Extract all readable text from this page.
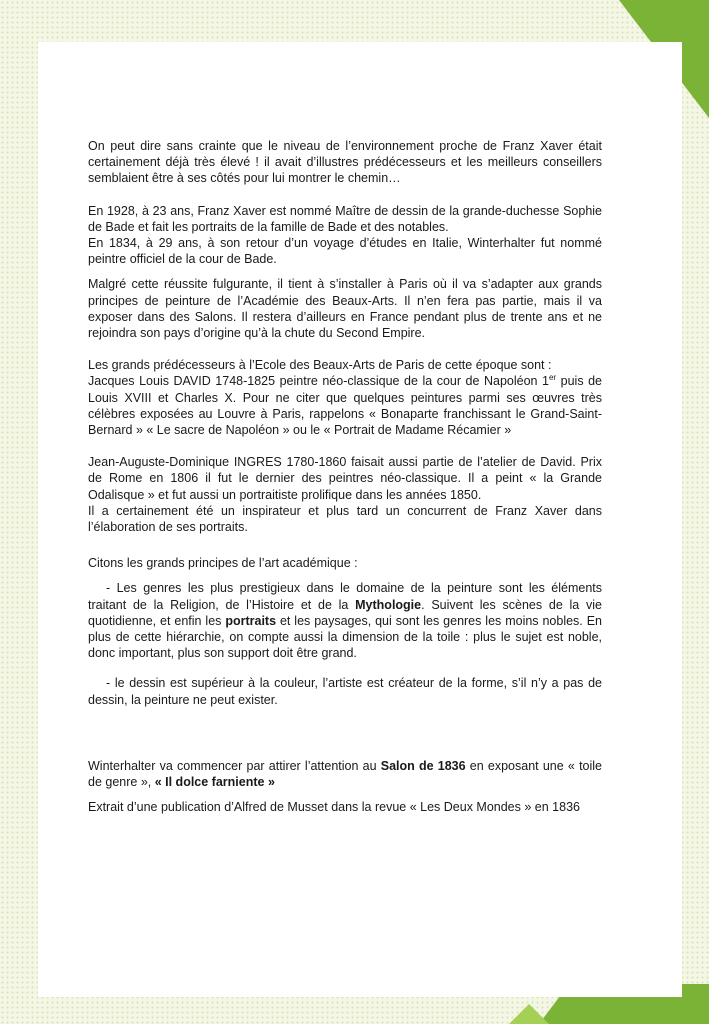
On peut dire sans crainte que le niveau de l’environnement proche de Franz Xaver était certainement déjà très élevé ! il avait d’illustres prédécesseurs et les meilleurs conseillers semblaient être à ses côtés pour lui montrer le chemin…

En 1928, à 23 ans, Franz Xaver est nommé Maître de dessin de la grande-duchesse Sophie de Bade et fait les portraits de la famille de Bade et des notables.

En 1834, à 29 ans, à son retour d’un voyage d’études en Italie, Winterhalter fut nommé peintre officiel de la cour de Bade.

Malgré cette réussite fulgurante, il tient à s’installer à Paris où il va s’adapter aux grands principes de peinture de l’Académie des Beaux-Arts. Il n’en fera pas partie, mais il va exposer dans des Salons. Il restera d’ailleurs en France pendant plus de trente ans et ne rejoindra son pays d’origine qu’à la chute du Second Empire.

Les grands prédécesseurs à l’Ecole des Beaux-Arts de Paris de cette époque sont :

Jacques Louis DAVID 1748-1825 peintre néo-classique de la cour de Napoléon 1er puis de Louis XVIII et Charles X. Pour ne citer que quelques peintures parmi ses œuvres très célèbres exposées au Louvre à Paris, rappelons « Bonaparte franchissant le Grand-Saint-Bernard » « Le sacre de Napoléon » ou le « Portrait de Madame Récamier »

Jean-Auguste-Dominique INGRES 1780-1860 faisait aussi partie de l’atelier de David. Prix de Rome en 1806 il fut le dernier des peintres néo-classique. Il a peint « la Grande Odalisque » et fut aussi un portraitiste prolifique dans les années 1850.

Il a certainement été un inspirateur et plus tard un concurrent de Franz Xaver dans l’élaboration de ses portraits.

Citons les grands principes de l’art académique :

- Les genres les plus prestigieux dans le domaine de la peinture sont les éléments traitant de la Religion, de l’Histoire et de la Mythologie. Suivent les scènes de la vie quotidienne, et enfin les portraits et les paysages, qui sont les genres les moins nobles. En plus de cette hiérarchie, on compte aussi la dimension de la toile : plus le sujet est noble, donc important, plus son support doit être grand.

- le dessin est supérieur à la couleur, l’artiste est créateur de la forme, s’il n’y a pas de dessin, la peinture ne peut exister.

Winterhalter va commencer par attirer l’attention au Salon de 1836 en exposant une « toile de genre », « Il dolce farniente »

Extrait d’une publication d’Alfred de Musset dans la revue « Les Deux Mondes » en 1836
